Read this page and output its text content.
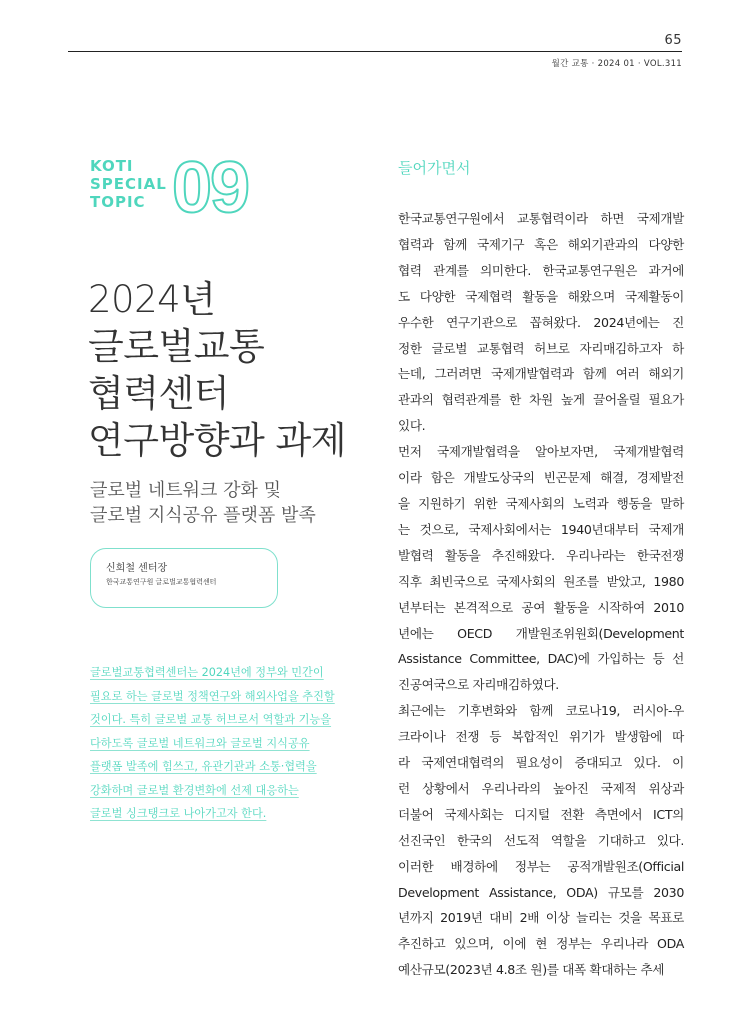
65
월간 교통 · 2024 01 · VOL.311
KOTI
SPECIAL
TOPIC 09
2024년
글로벌교통
협력센터
연구방향과 과제
글로벌 네트워크 강화 및
글로벌 지식공유 플랫폼 발족
신희철 센터장
한국교통연구원 글로벌교통협력센터
글로벌교통협력센터는 2024년에 정부와 민간이
필요로 하는 글로벌 정책연구와 해외사업을 추진할
것이다. 특히 글로벌 교통 허브로서 역할과 기능을
다하도록 글로벌 네트워크와 글로벌 지식공유
플랫폼 발족에 힘쓰고, 유관기관과 소통·협력을
강화하며 글로벌 환경변화에 선제 대응하는
글로벌 싱크탱크로 나아가고자 한다.
들어가면서
한국교통연구원에서 교통협력이라 하면 국제개발
협력과 함께 국제기구 혹은 해외기관과의 다양한
협력 관계를 의미한다. 한국교통연구원은 과거에
도 다양한 국제협력 활동을 해왔으며 국제활동이
우수한 연구기관으로 꼽혀왔다. 2024년에는 진
정한 글로벌 교통협력 허브로 자리매김하고자 하
는데, 그러려면 국제개발협력과 함께 여러 해외기
관과의 협력관계를 한 차원 높게 끌어올릴 필요가
있다.
먼저 국제개발협력을 알아보자면, 국제개발협력
이라 함은 개발도상국의 빈곤문제 해결, 경제발전
을 지원하기 위한 국제사회의 노력과 행동을 말하
는 것으로, 국제사회에서는 1940년대부터 국제개
발협력 활동을 추진해왔다. 우리나라는 한국전쟁
직후 최빈국으로 국제사회의 원조를 받았고, 1980
년부터는 본격적으로 공여 활동을 시작하여 2010
년에는 OECD 개발원조위원회(Development
Assistance Committee, DAC)에 가입하는 등 선
진공여국으로 자리매김하였다.
최근에는 기후변화와 함께 코로나19, 러시아-우
크라이나 전쟁 등 복합적인 위기가 발생함에 따
라 국제연대협력의 필요성이 증대되고 있다. 이
런 상황에서 우리나라의 높아진 국제적 위상과
더불어 국제사회는 디지털 전환 측면에서 ICT의
선진국인 한국의 선도적 역할을 기대하고 있다.
이러한 배경하에 정부는 공적개발원조(Official
Development Assistance, ODA) 규모를 2030
년까지 2019년 대비 2배 이상 늘리는 것을 목표로
추진하고 있으며, 이에 현 정부는 우리나라 ODA
예산규모(2023년 4.8조 원)를 대폭 확대하는 추세
